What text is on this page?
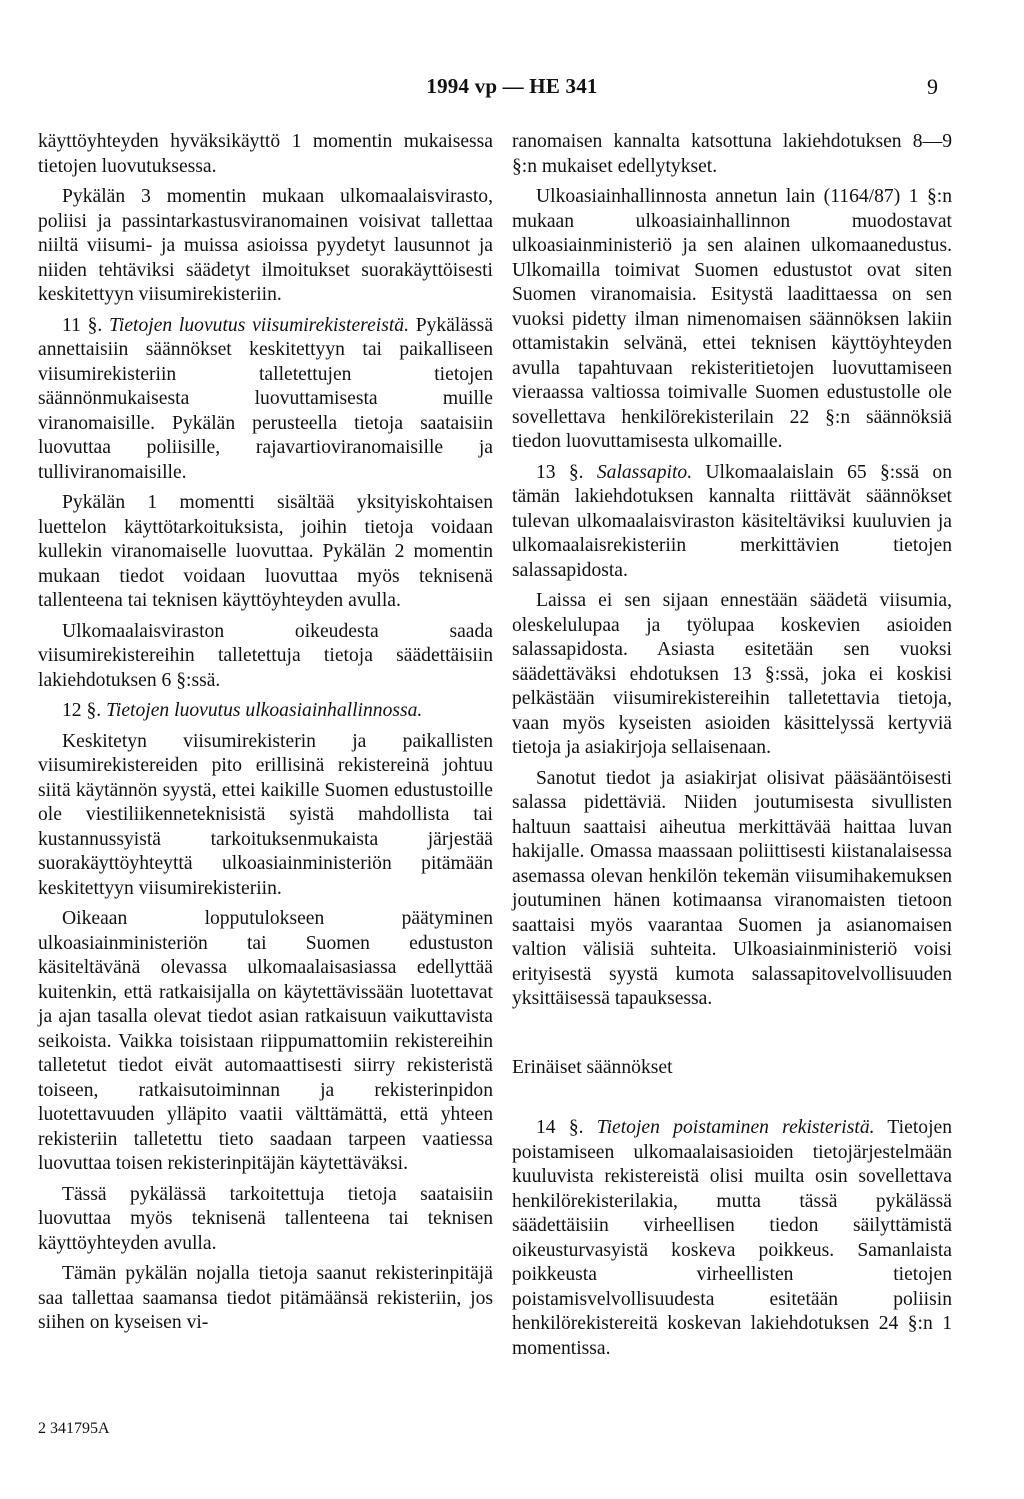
1994 vp — HE 341	9

käyttöyhteyden hyväksikäyttö 1 momentin mukaisessa tietojen luovutuksessa.

Pykälän 3 momentin mukaan ulkomaalaisvirasto, poliisi ja passintarkastusviranomainen voisivat tallettaa niiltä viisumi- ja muissa asioissa pyydetyt lausunnot ja niiden tehtäviksi säädetyt ilmoitukset suorakäyttöisesti keskitettyyn viisumirekisteriin.

11 §. Tietojen luovutus viisumirekistereistä. Pykälässä annettaisiin säännökset keskitettyyn tai paikalliseen viisumirekisteriin talletettujen tietojen säännönmukaisesta luovuttamisesta muille viranomaisille. Pykälän perusteella tietoja saataisiin luovuttaa poliisille, rajavartioviranomaisille ja tulliviranomaisille.

Pykälän 1 momentti sisältää yksityiskohtaisen luettelon käyttötarkoituksista, joihin tietoja voidaan kullekin viranomaiselle luovuttaa. Pykälän 2 momentin mukaan tiedot voidaan luovuttaa myös teknisenä tallenteena tai teknisen käyttöyhteyden avulla.

Ulkomaalaisviraston oikeudesta saada viisumirekistereihin talletettuja tietoja säädettäisiin lakiehdotuksen 6 §:ssä.

12 §. Tietojen luovutus ulkoasiainhallinnossa.

Keskitetyn viisumirekisterin ja paikallisten viisumirekistereiden pito erillisinä rekistereinä johtuu siitä käytännön syystä, ettei kaikille Suomen edustustoille ole viestiliikenneteknisistä syistä mahdollista tai kustannussyistä tarkoituksenmukaista järjestää suorakäyttöyhteyttä ulkoasiainministeriön pitämään keskitettyyn viisumirekisteriin.

Oikeaan lopputulokseen päätyminen ulkoasiainministeriön tai Suomen edustuston käsiteltävänä olevassa ulkomaalaisasiassa edellyttää kuitenkin, että ratkaisijalla on käytettävissään luotettavat ja ajan tasalla olevat tiedot asian ratkaisuun vaikuttavista seikoista. Vaikka toisistaan riippumattomiin rekistereihin talletetut tiedot eivät automaattisesti siirry rekisteristä toiseen, ratkaisutoiminnan ja rekisterinpidon luotettavuuden ylläpito vaatii välttämättä, että yhteen rekisteriin talletettu tieto saadaan tarpeen vaatiessa luovuttaa toisen rekisterinpitäjän käytettäväksi.

Tässä pykälässä tarkoitettuja tietoja saataisiin luovuttaa myös teknisenä tallenteena tai teknisen käyttöyhteyden avulla.

Tämän pykälän nojalla tietoja saanut rekisterinpitäjä saa tallettaa saamansa tiedot pitämäänsä rekisteriin, jos siihen on kyseisen vi-

ranomaisen kannalta katsottuna lakiehdotuksen 8—9 §:n mukaiset edellytykset.

Ulkoasiainhallinnosta annetun lain (1164/87) 1 §:n mukaan ulkoasiainhallinnon muodostavat ulkoasiainministeriö ja sen alainen ulkomaanedustus. Ulkomailla toimivat Suomen edustustot ovat siten Suomen viranomaisia. Esitystä laadittaessa on sen vuoksi pidetty ilman nimenomaisen säännöksen lakiin ottamistakin selvänä, ettei teknisen käyttöyhteyden avulla tapahtuvaan rekisteritietojen luovuttamiseen vieraassa valtiossa toimivalle Suomen edustustolle ole sovellettava henkilörekisterilain 22 §:n säännöksiä tiedon luovuttamisesta ulkomaille.

13 §. Salassapito. Ulkomaalaislain 65 §:ssä on tämän lakiehdotuksen kannalta riittävät säännökset tulevan ulkomaalaisviraston käsiteltäviksi kuuluvien ja ulkomaalaisrekisteriin merkittävien tietojen salassapidosta.

Laissa ei sen sijaan ennestään säädetä viisumia, oleskelulupaa ja työlupaa koskevien asioiden salassapidosta. Asiasta esitetään sen vuoksi säädettäväksi ehdotuksen 13 §:ssä, joka ei koskisi pelkästään viisumirekistereihin talletettavia tietoja, vaan myös kyseisten asioiden käsittelyssä kertyviä tietoja ja asiakirjoja sellaisenaan.

Sanotut tiedot ja asiakirjat olisivat pääsääntöisesti salassa pidettäviä. Niiden joutumisesta sivullisten haltuun saattaisi aiheutua merkittävää haittaa luvan hakijalle. Omassa maassaan poliittisesti kiistanalaisessa asemassa olevan henkilön tekemän viisumihakemuksen joutuminen hänen kotimaansa viranomaisten tietoon saattaisi myös vaarantaa Suomen ja asianomaisen valtion välisiä suhteita. Ulkoasiainministeriö voisi erityisestä syystä kumota salassapitovelvollisuuden yksittäisessä tapauksessa.

Erinäiset säännökset

14 §. Tietojen poistaminen rekisteristä. Tietojen poistamiseen ulkomaalaisasioiden tietojärjestelmään kuuluvista rekistereistä olisi muilta osin sovellettava henkilörekisterilakia, mutta tässä pykälässä säädettäisiin virheellisen tiedon säilyttämistä oikeusturvasyistä koskeva poikkeus. Samanlaista poikkeusta virheellisten tietojen poistamisvelvollisuudesta esitetään poliisin henkilörekistereitä koskevan lakiehdotuksen 24 §:n 1 momentissa.

2 341795A
